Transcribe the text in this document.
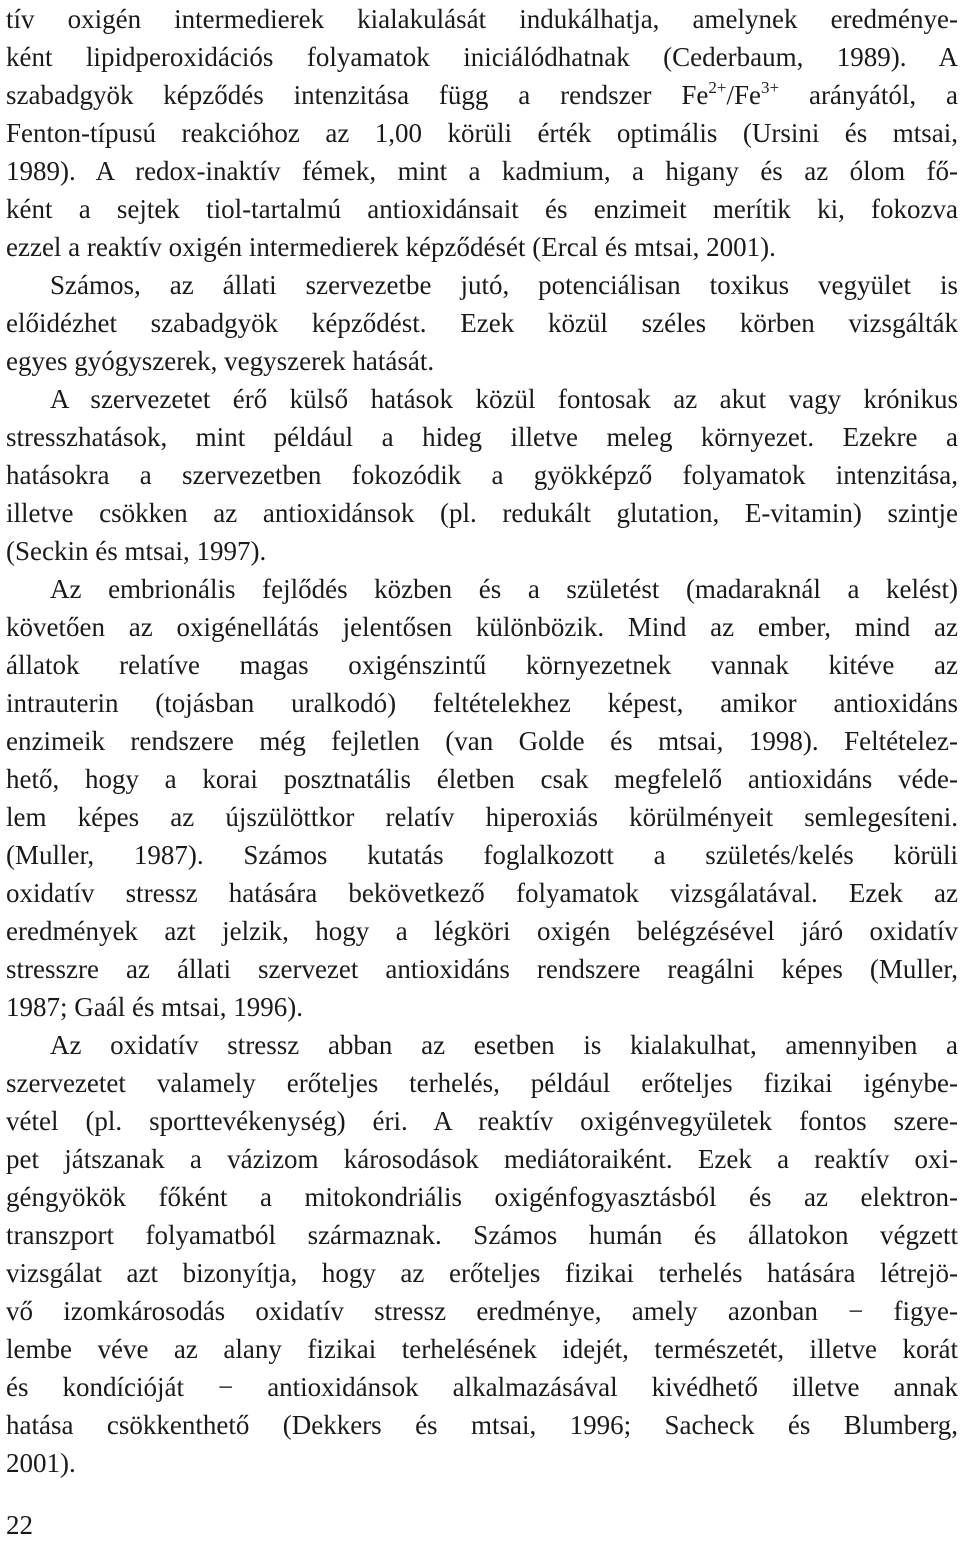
tív oxigén intermedierek kialakulását indukálhatja, amelynek eredménye-
ként lipidperoxidációs folyamatok iniciálódhatnak (Cederbaum, 1989). A
szabadgyök képződés intenzitása függ a rendszer $Fe^{2+}/Fe^{3+}$ arányától, a
Fenton-típusú reakcióhoz az 1,00 körüli érték optimális (Ursini és mtsai,
1989). A redox-inaktív fémek, mint a kadmium, a higany és az ólom fő-
ként a sejtek tiol-tartalmú antioxidánsait és enzimeit merítik ki, fokozva
ezzel a reaktív oxigén intermedierek képződését (Ercal és mtsai, 2001).
Számos, az állati szervezetbe jutó, potenciálisan toxikus vegyület is
előidézhet szabadgyök képződést. Ezek közül széles körben vizsgálták
egyes gyógyszerek, vegyszerek hatását.
A szervezetet érő külső hatások közül fontosak az akut vagy krónikus
stresszhatások, mint például a hideg illetve meleg környezet. Ezekre a
hatásokra a szervezetben fokozódik a gyökképző folyamatok intenzitása,
illetve csökken az antioxidánsok (pl. redukált glutation, E-vitamin) szintje
(Seckin és mtsai, 1997).
Az embrionális fejlődés közben és a születést (madaraknál a kelést)
követően az oxigénellátás jelentősen különbözik. Mind az ember, mind az
állatok relatíve magas oxigénszintű környezetnek vannak kitéve az
intrauterin (tojásban uralkodó) feltételekhez képest, amikor antioxidáns
enzimeik rendszere még fejletlen (van Golde és mtsai, 1998). Feltételez-
hető, hogy a korai posztnatális életben csak megfelelő antioxidáns véde-
lem képes az újszülöttkor relatív hiperoxiás körülményeit semlegesíteni.
(Muller, 1987). Számos kutatás foglalkozott a születés/kelés körüli
oxidatív stressz hatására bekövetkező folyamatok vizsgálatával. Ezek az
eredmények azt jelzik, hogy a légköri oxigén belégzésével járó oxidatív
stresszre az állati szervezet antioxidáns rendszere reagálni képes (Muller,
1987; Gaál és mtsai, 1996).
Az oxidatív stressz abban az esetben is kialakulhat, amennyiben a
szervezetet valamely erőteljes terhelés, például erőteljes fizikai igénybe-
vétel (pl. sporttevékenység) éri. A reaktív oxigénvegyületek fontos szere-
pet játszanak a vázizom károsodások mediátoraiként. Ezek a reaktív oxi-
géngyökök főként a mitokondriális oxigénfogyasztásból és az elektron-
transzport folyamatból származnak. Számos humán és állatokon végzett
vizsgálat azt bizonyítja, hogy az erőteljes fizikai terhelés hatására létrejö-
vő izomkárosodás oxidatív stressz eredménye, amely azonban − figye-
lembe véve az alany fizikai terhelésének idejét, természetét, illetve korát
és kondícióját − antioxidánsok alkalmazásával kivédhető illetve annak
hatása csökkenthető (Dekkers és mtsai, 1996; Sacheck és Blumberg,
2001).
22
